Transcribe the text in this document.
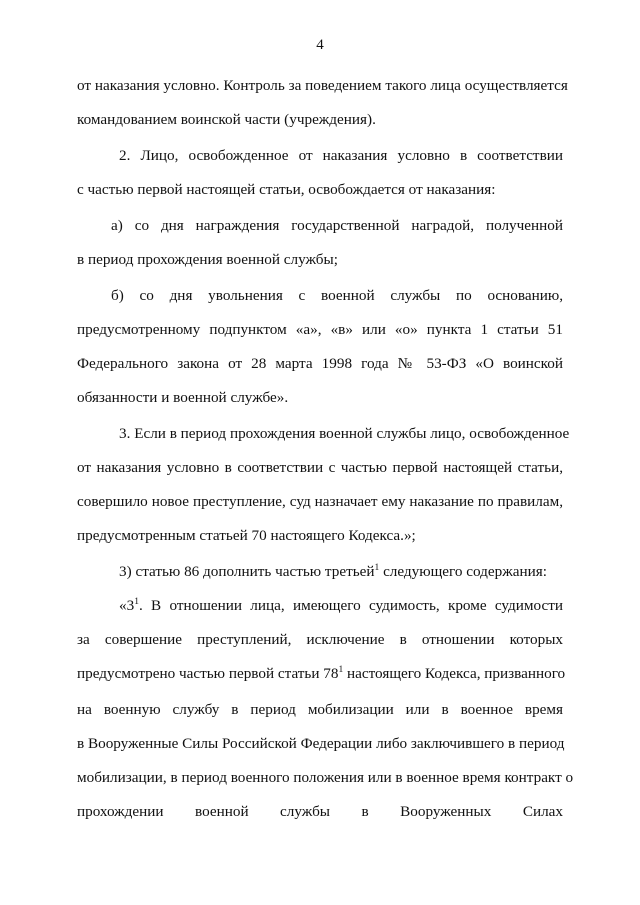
4
от наказания условно. Контроль за поведением такого лица осуществляется
командованием воинской части (учреждения).
2. Лицо, освобожденное от наказания условно в соответствии
с частью первой настоящей статьи, освобождается от наказания:
а) со дня награждения государственной наградой, полученной
в период прохождения военной службы;
б) со дня увольнения с военной службы по основанию,
предусмотренному подпунктом «а», «в» или «о» пункта 1 статьи 51
Федерального закона от 28 марта 1998 года № 53-ФЗ «О воинской
обязанности и военной службе».
3. Если в период прохождения военной службы лицо, освобожденное
от наказания условно в соответствии с частью первой настоящей статьи,
совершило новое преступление, суд назначает ему наказание по правилам,
предусмотренным статьей 70 настоящего Кодекса.»;
3) статью 86 дополнить частью третьей$^1$ следующего содержания:
«$3^1$. В отношении лица, имеющего судимость, кроме судимости
за совершение преступлений, исключение в отношении которых
предусмотрено частью первой статьи $78^1$ настоящего Кодекса, призванного
на военную службу в период мобилизации или в военное время
в Вооруженные Силы Российской Федерации либо заключившего в период
мобилизации, в период военного положения или в военное время контракт о
прохождении военной службы в Вооруженных Силах
